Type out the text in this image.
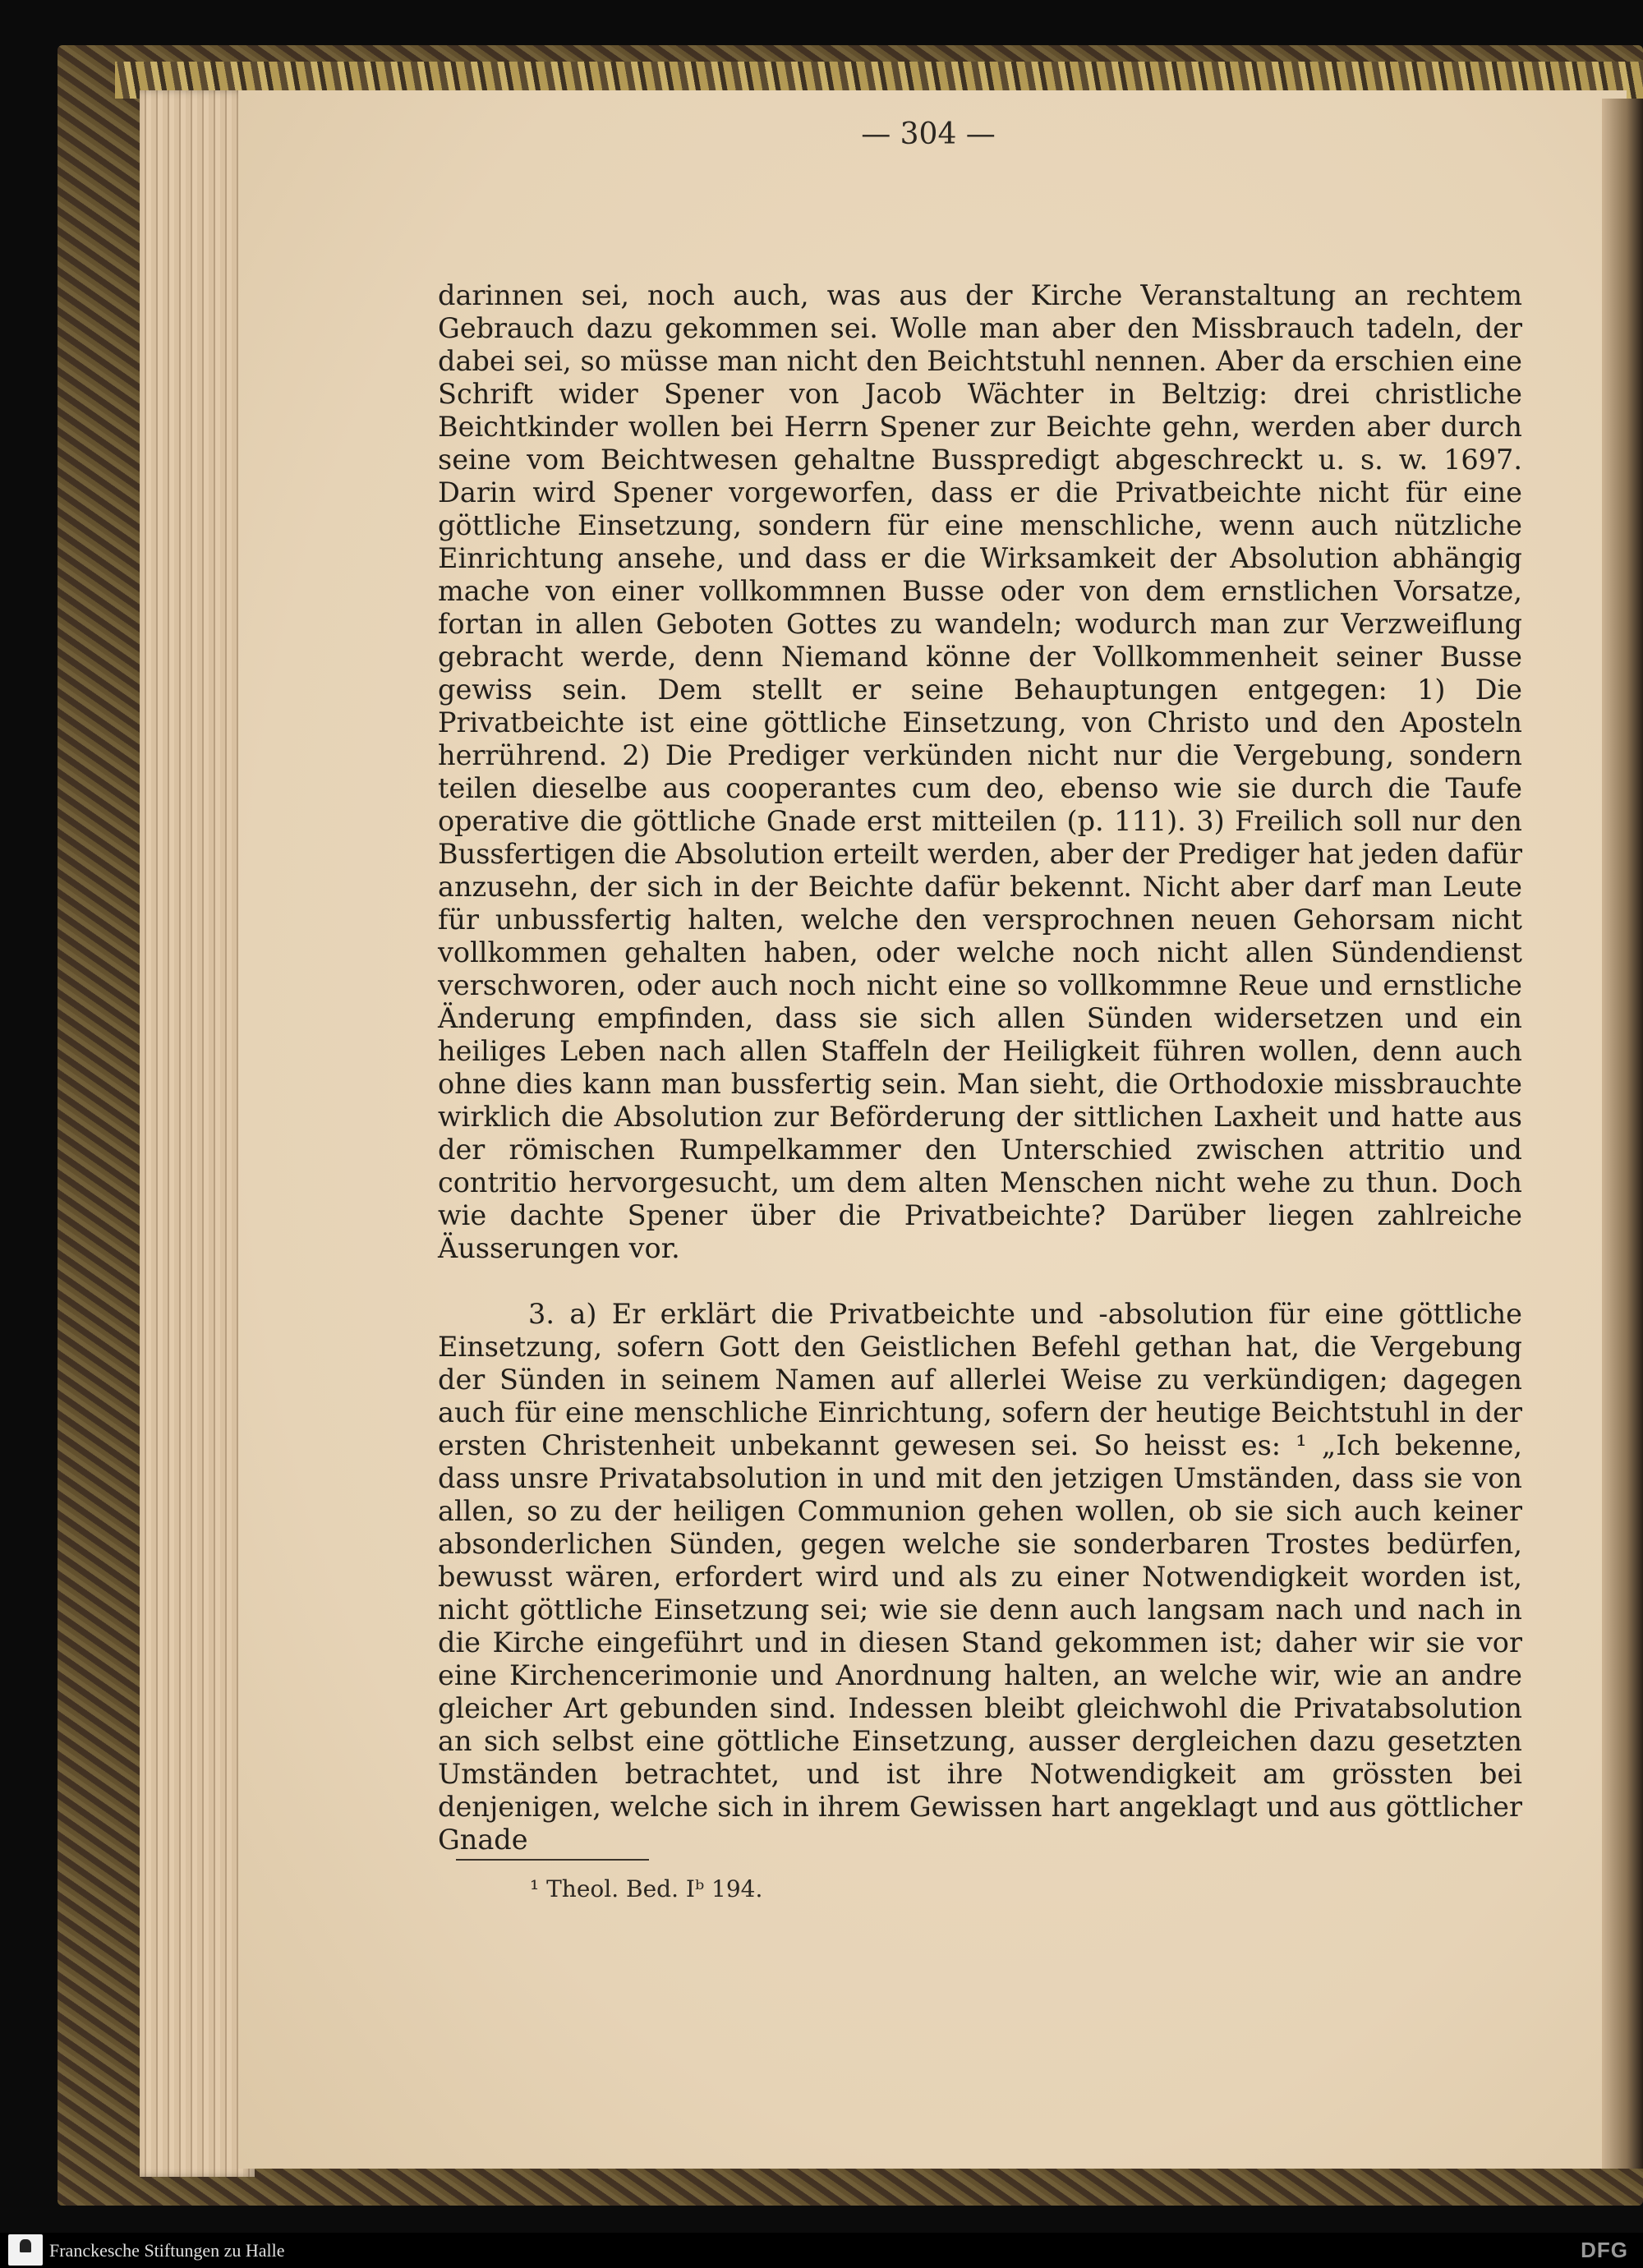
— 304 —

darinnen sei, noch auch, was aus der Kirche Veranstaltung an rechtem Gebrauch dazu gekommen sei. Wolle man aber den Missbrauch tadeln, der dabei sei, so müsse man nicht den Beichtstuhl nennen. Aber da erschien eine Schrift wider Spener von Jacob Wächter in Beltzig: drei christliche Beichtkinder wollen bei Herrn Spener zur Beichte gehn, werden aber durch seine vom Beichtwesen gehaltne Busspredigt abgeschreckt u. s. w. 1697. Darin wird Spener vorgeworfen, dass er die Privatbeichte nicht für eine göttliche Einsetzung, sondern für eine menschliche, wenn auch nützliche Einrichtung ansehe, und dass er die Wirksamkeit der Absolution abhängig mache von einer vollkommnen Busse oder von dem ernstlichen Vorsatze, fortan in allen Geboten Gottes zu wandeln; wodurch man zur Verzweiflung gebracht werde, denn Niemand könne der Vollkommenheit seiner Busse gewiss sein. Dem stellt er seine Behauptungen entgegen: 1) Die Privatbeichte ist eine göttliche Einsetzung, von Christo und den Aposteln herrührend. 2) Die Prediger verkünden nicht nur die Vergebung, sondern teilen dieselbe aus cooperantes cum deo, ebenso wie sie durch die Taufe operative die göttliche Gnade erst mitteilen (p. 111). 3) Freilich soll nur den Bussfertigen die Absolution erteilt werden, aber der Prediger hat jeden dafür anzusehn, der sich in der Beichte dafür bekennt. Nicht aber darf man Leute für unbussfertig halten, welche den versprochnen neuen Gehorsam nicht vollkommen gehalten haben, oder welche noch nicht allen Sündendienst verschworen, oder auch noch nicht eine so vollkommne Reue und ernstliche Änderung empfinden, dass sie sich allen Sünden widersetzen und ein heiliges Leben nach allen Staffeln der Heiligkeit führen wollen, denn auch ohne dies kann man bussfertig sein. Man sieht, die Orthodoxie missbrauchte wirklich die Absolution zur Beförderung der sittlichen Laxheit und hatte aus der römischen Rumpelkammer den Unterschied zwischen attritio und contritio hervorgesucht, um dem alten Menschen nicht wehe zu thun. Doch wie dachte Spener über die Privatbeichte? Darüber liegen zahlreiche Äusserungen vor.

3. a) Er erklärt die Privatbeichte und -absolution für eine göttliche Einsetzung, sofern Gott den Geistlichen Befehl gethan hat, die Vergebung der Sünden in seinem Namen auf allerlei Weise zu verkündigen; dagegen auch für eine menschliche Einrichtung, sofern der heutige Beichtstuhl in der ersten Christenheit unbekannt gewesen sei. So heisst es: ¹ „Ich bekenne, dass unsre Privatabsolution in und mit den jetzigen Umständen, dass sie von allen, so zu der heiligen Communion gehen wollen, ob sie sich auch keiner absonderlichen Sünden, gegen welche sie sonderbaren Trostes bedürfen, bewusst wären, erfordert wird und als zu einer Notwendigkeit worden ist, nicht göttliche Einsetzung sei; wie sie denn auch langsam nach und nach in die Kirche eingeführt und in diesen Stand gekommen ist; daher wir sie vor eine Kirchencerimonie und Anordnung halten, an welche wir, wie an andre gleicher Art gebunden sind. Indessen bleibt gleichwohl die Privatabsolution an sich selbst eine göttliche Einsetzung, ausser dergleichen dazu gesetzten Umständen betrachtet, und ist ihre Notwendigkeit am grössten bei denjenigen, welche sich in ihrem Gewissen hart angeklagt und aus göttlicher Gnade

¹ Theol. Bed. Iᵇ 194.
Franckesche Stiftungen zu Halle	DFG
